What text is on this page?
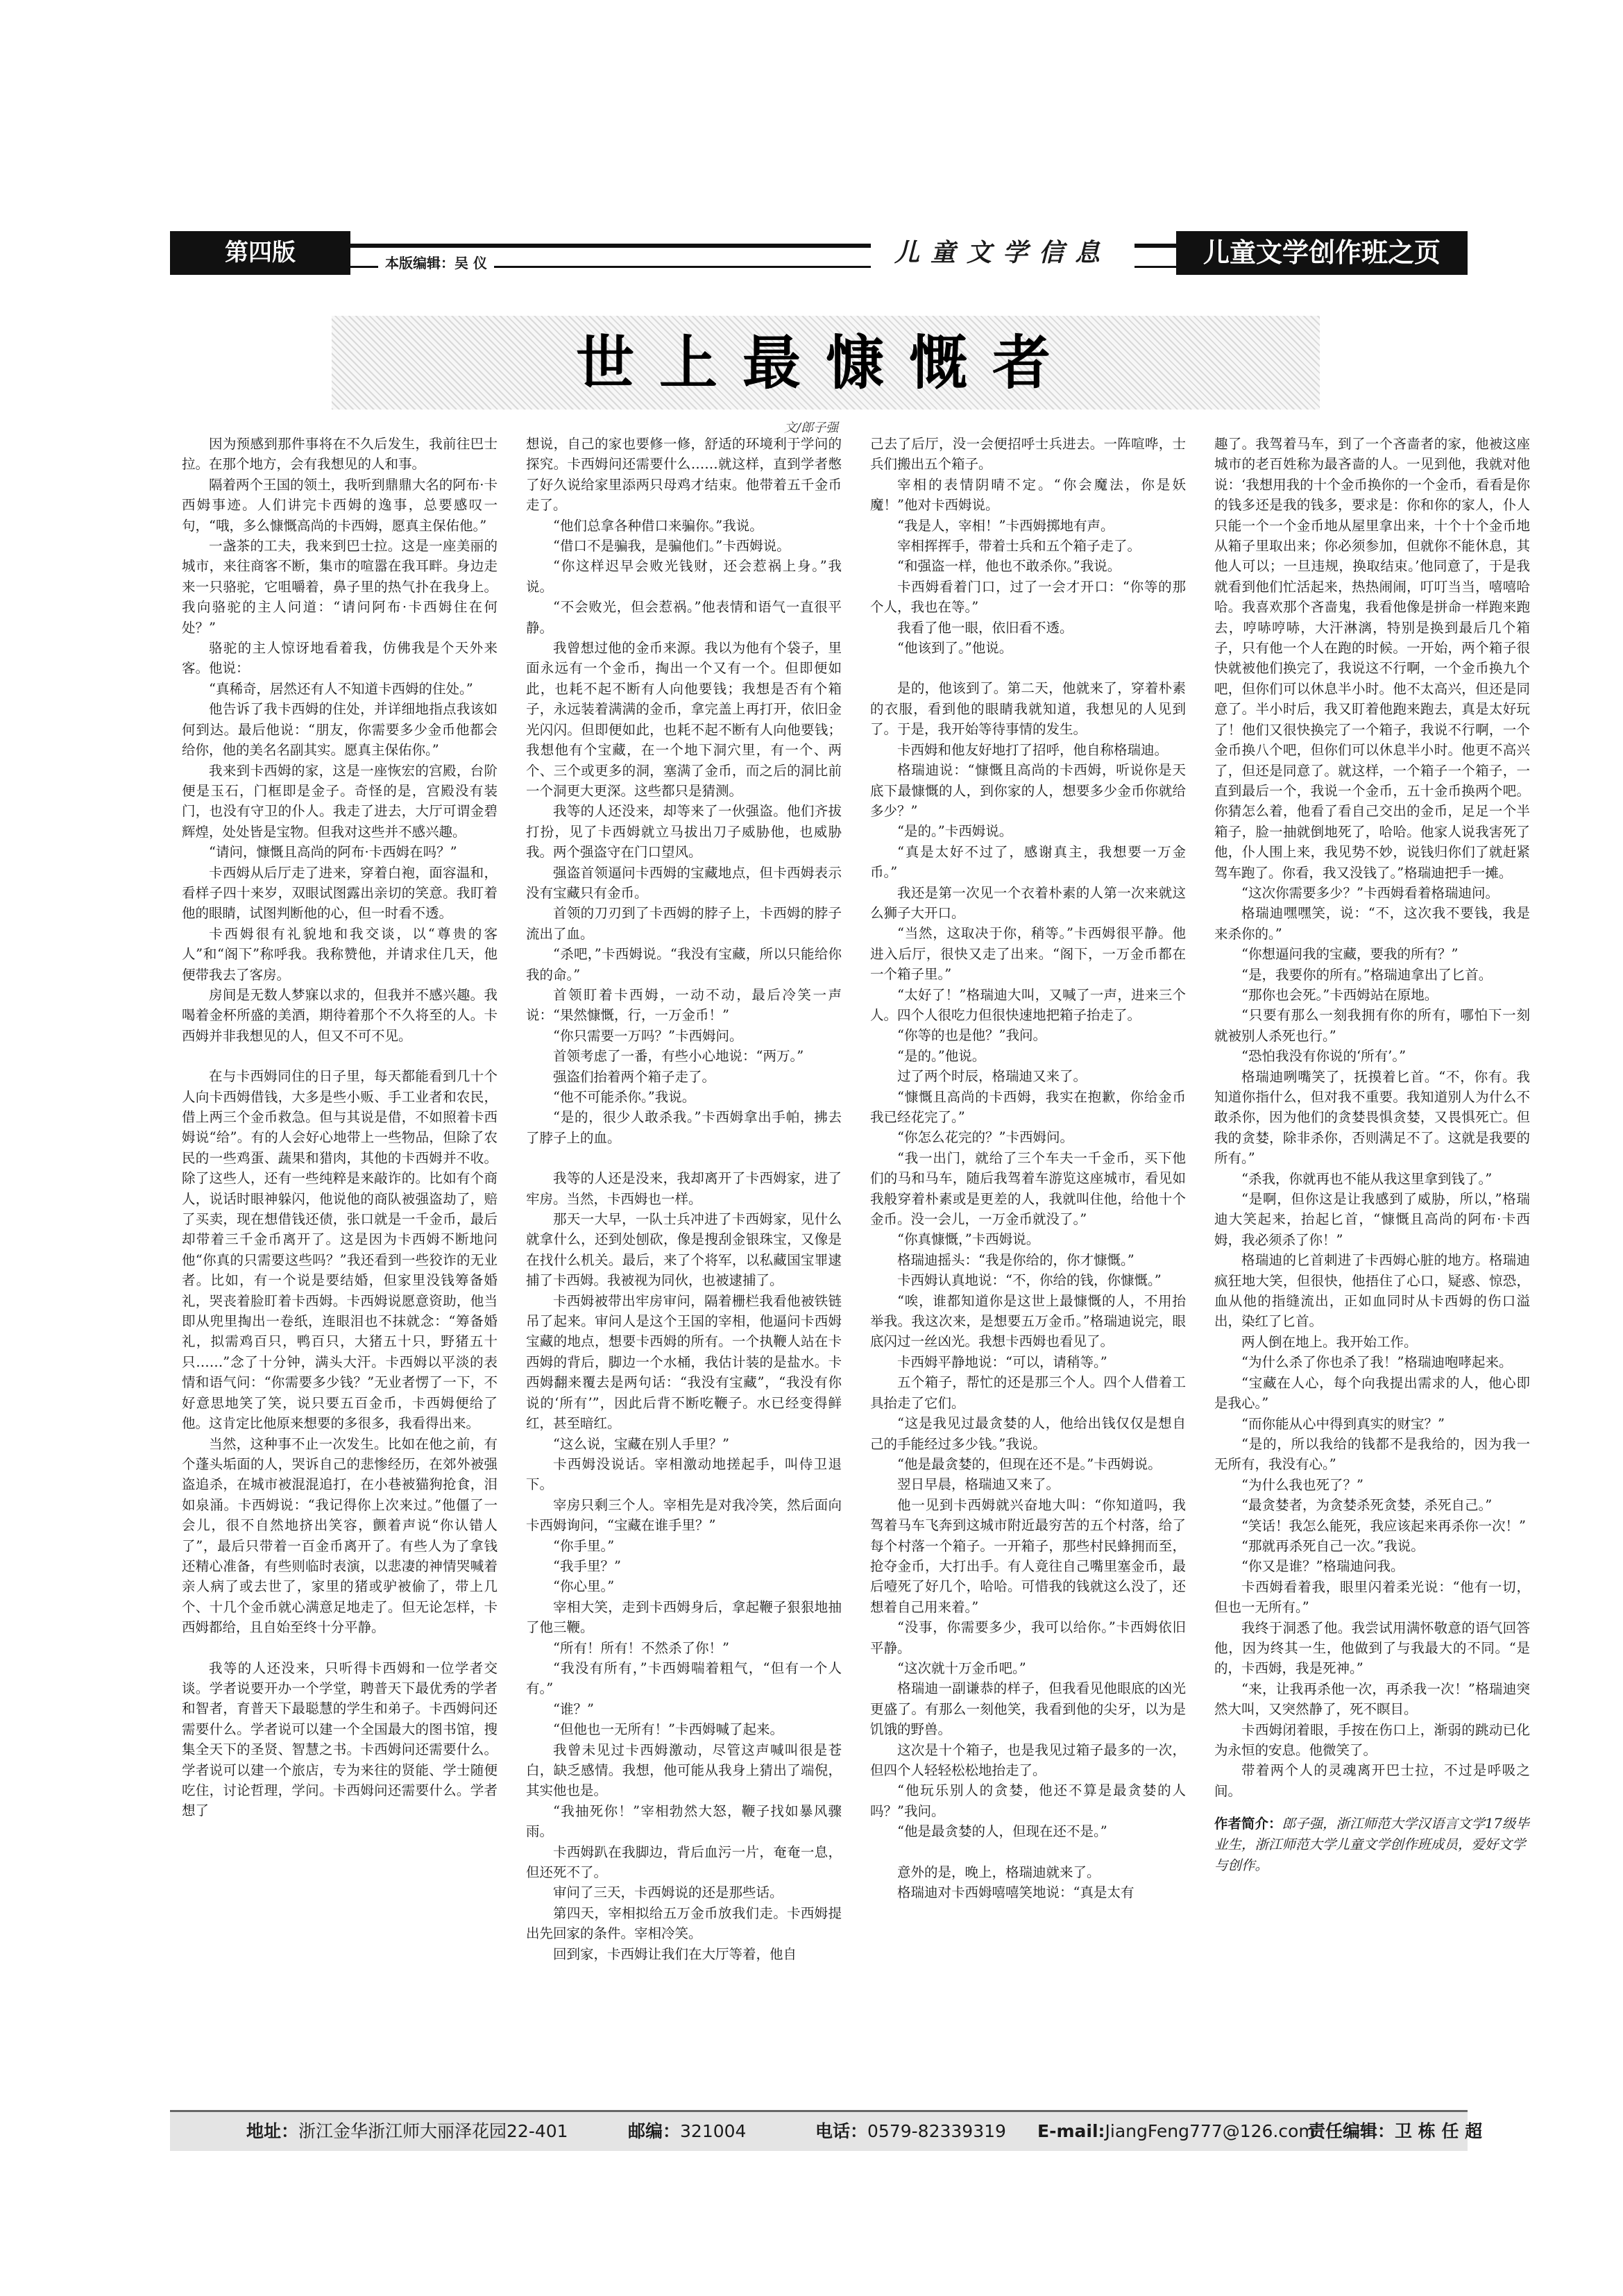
第四版	本版编辑：吴 仪	儿童文学信息	儿童文学创作班之页
世上最慷慨者
文/郎子强

因为预感到那件事将在不久后发生，我前往巴士拉。在那个地方，会有我想见的人和事。

隔着两个王国的领土，我听到鼎鼎大名的阿布·卡西姆事迹。人们讲完卡西姆的逸事，总要感叹一句，“哦，多么慷慨高尚的卡西姆，愿真主保佑他。”

一盏茶的工夫，我来到巴士拉。这是一座美丽的城市，来往商客不断，集市的喧嚣在我耳畔。身边走来一只骆驼，它咀嚼着，鼻子里的热气扑在我身上。我向骆驼的主人问道：“请问阿布·卡西姆住在何处？”

骆驼的主人惊讶地看着我，仿佛我是个天外来客。他说：

“真稀奇，居然还有人不知道卡西姆的住处。”

他告诉了我卡西姆的住处，并详细地指点我该如何到达。最后他说：“朋友，你需要多少金币他都会给你，他的美名名副其实。愿真主保佑你。”

我来到卡西姆的家，这是一座恢宏的宫殿，台阶便是玉石，门框即是金子。奇怪的是，宫殿没有装门，也没有守卫的仆人。我走了进去，大厅可谓金碧辉煌，处处皆是宝物。但我对这些并不感兴趣。

“请问，慷慨且高尚的阿布·卡西姆在吗？”

卡西姆从后厅走了进来，穿着白袍，面容温和，看样子四十来岁，双眼试图露出亲切的笑意。我盯着他的眼睛，试图判断他的心，但一时看不透。

卡西姆很有礼貌地和我交谈，以“尊贵的客人”和“阁下”称呼我。我称赞他，并请求住几天，他便带我去了客房。

房间是无数人梦寐以求的，但我并不感兴趣。我喝着金杯所盛的美酒，期待着那个不久将至的人。卡西姆并非我想见的人，但又不可不见。

在与卡西姆同住的日子里，每天都能看到几十个人向卡西姆借钱，大多是些小贩、手工业者和农民，借上两三个金币救急。但与其说是借，不如照着卡西姆说“给”。有的人会好心地带上一些物品，但除了农民的一些鸡蛋、蔬果和猎肉，其他的卡西姆并不收。除了这些人，还有一些纯粹是来敲诈的。比如有个商人，说话时眼神躲闪，他说他的商队被强盗劫了，赔了买卖，现在想借钱还债，张口就是一千金币，最后却带着三千金币离开了。这是因为卡西姆不断地问他“你真的只需要这些吗？”我还看到一些狡诈的无业者。比如，有一个说是要结婚，但家里没钱筹备婚礼，哭丧着脸盯着卡西姆。卡西姆说愿意资助，他当即从兜里掏出一卷纸，连眼泪也不抹就念：“筹备婚礼，拟需鸡百只，鸭百只，大猪五十只，野猪五十只……”念了十分钟，满头大汗。卡西姆以平淡的表情和语气问：“你需要多少钱？”无业者愣了一下，不好意思地笑了笑，说只要五百金币，卡西姆便给了他。这肯定比他原来想要的多很多，我看得出来。

当然，这种事不止一次发生。比如在他之前，有个蓬头垢面的人，哭诉自己的悲惨经历，在郊外被强盗追杀，在城市被混混追打，在小巷被猫狗抢食，泪如泉涌。卡西姆说：“我记得你上次来过。”他僵了一会儿，很不自然地挤出笑容，颤着声说“你认错人了”，最后只带着一百金币离开了。有些人为了拿钱还精心准备，有些则临时表演，以悲凄的神情哭喊着亲人病了或去世了，家里的猪或驴被偷了，带上几个、十几个金币就心满意足地走了。但无论怎样，卡西姆都给，且自始至终十分平静。

我等的人还没来，只听得卡西姆和一位学者交谈。学者说要开办一个学堂，聘普天下最优秀的学者和智者，育普天下最聪慧的学生和弟子。卡西姆问还需要什么。学者说可以建一个全国最大的图书馆，搜集全天下的圣贤、智慧之书。卡西姆问还需要什么。学者说可以建一个旅店，专为来往的贤能、学士随便吃住，讨论哲理，学问。卡西姆问还需要什么。学者想了

想说，自己的家也要修一修，舒适的环境利于学问的探究。卡西姆问还需要什么……就这样，直到学者憋了好久说给家里添两只母鸡才结束。他带着五千金币走了。

“他们总拿各种借口来骗你。”我说。

“借口不是骗我，是骗他们。”卡西姆说。

“你这样迟早会败光钱财，还会惹祸上身。”我说。

“不会败光，但会惹祸。”他表情和语气一直很平静。

我曾想过他的金币来源。我以为他有个袋子，里面永远有一个金币，掏出一个又有一个。但即便如此，也耗不起不断有人向他要钱；我想是否有个箱子，永远装着满满的金币，拿完盖上再打开，依旧金光闪闪。但即便如此，也耗不起不断有人向他要钱；我想他有个宝藏，在一个地下洞穴里，有一个、两个、三个或更多的洞，塞满了金币，而之后的洞比前一个洞更大更深。这些都只是猜测。

我等的人还没来，却等来了一伙强盗。他们齐拔打扮，见了卡西姆就立马拔出刀子威胁他，也威胁我。两个强盗守在门口望风。

强盗首领逼问卡西姆的宝藏地点，但卡西姆表示没有宝藏只有金币。

首领的刀刃到了卡西姆的脖子上，卡西姆的脖子流出了血。

“杀吧，”卡西姆说。“我没有宝藏，所以只能给你我的命。”

首领盯着卡西姆，一动不动，最后冷笑一声说：“果然慷慨，行，一万金币！”

“你只需要一万吗？”卡西姆问。

首领考虑了一番，有些小心地说：“两万。”

强盗们抬着两个箱子走了。

“他不可能杀你。”我说。

“是的，很少人敢杀我。”卡西姆拿出手帕，拂去了脖子上的血。

我等的人还是没来，我却离开了卡西姆家，进了牢房。当然，卡西姆也一样。

那天一大早，一队士兵冲进了卡西姆家，见什么就拿什么，还到处刨砍，像是搜刮金银珠宝，又像是在找什么机关。最后，来了个将军，以私藏国宝罪逮捕了卡西姆。我被视为同伙，也被逮捕了。

卡西姆被带出牢房审问，隔着栅栏我看他被铁链吊了起来。审问人是这个王国的宰相，他逼问卡西姆宝藏的地点，想要卡西姆的所有。一个执鞭人站在卡西姆的背后，脚边一个水桶，我估计装的是盐水。卡西姆翻来覆去是两句话：“我没有宝藏”，“我没有你说的‘所有’”，因此后背不断吃鞭子。水已经变得鲜红，甚至暗红。

“这么说，宝藏在别人手里？”

卡西姆没说话。宰相激动地搓起手，叫侍卫退下。

宰房只剩三个人。宰相先是对我冷笑，然后面向卡西姆询问，“宝藏在谁手里？”

“你手里。”

“我手里？”

“你心里。”

宰相大笑，走到卡西姆身后，拿起鞭子狠狠地抽了他三鞭。

“所有！所有！不然杀了你！”

“我没有所有，”卡西姆喘着粗气，“但有一个人有。”

“谁？”

“但他也一无所有！”卡西姆喊了起来。

我曾未见过卡西姆激动，尽管这声喊叫很是苍白，缺乏感情。我想，他可能从我身上猜出了端倪，其实他也是。

“我抽死你！”宰相勃然大怒，鞭子找如暴风骤雨。

卡西姆趴在我脚边，背后血污一片，奄奄一息，但还死不了。

审问了三天，卡西姆说的还是那些话。

第四天，宰相拟给五万金币放我们走。卡西姆提出先回家的条件。宰相冷笑。

回到家，卡西姆让我们在大厅等着，他自

己去了后厅，没一会便招呼士兵进去。一阵喧哗，士兵们搬出五个箱子。

宰相的表情阴晴不定。“你会魔法，你是妖魔！”他对卡西姆说。

“我是人，宰相！”卡西姆掷地有声。

宰相挥挥手，带着士兵和五个箱子走了。

“和强盗一样，他也不敢杀你。”我说。

卡西姆看着门口，过了一会才开口：“你等的那个人，我也在等。”

我看了他一眼，依旧看不透。

“他该到了。”他说。

是的，他该到了。第二天，他就来了，穿着朴素的衣服，看到他的眼睛我就知道，我想见的人见到了。于是，我开始等待事情的发生。

卡西姆和他友好地打了招呼，他自称格瑞迪。

格瑞迪说：“慷慨且高尚的卡西姆，听说你是天底下最慷慨的人，到你家的人，想要多少金币你就给多少？”

“是的。”卡西姆说。

“真是太好不过了，感谢真主，我想要一万金币。”

我还是第一次见一个衣着朴素的人第一次来就这么狮子大开口。

“当然，这取决于你，稍等。”卡西姆很平静。他进入后厅，很快又走了出来。“阁下，一万金币都在一个箱子里。”

“太好了！”格瑞迪大叫，又喊了一声，进来三个人。四个人很吃力但很快速地把箱子抬走了。

“你等的也是他？”我问。

“是的。”他说。

过了两个时辰，格瑞迪又来了。

“慷慨且高尚的卡西姆，我实在抱歉，你给金币我已经花完了。”

“你怎么花完的？”卡西姆问。

“我一出门，就给了三个车夫一千金币，买下他们的马和马车，随后我驾着车游览这座城市，看见如我般穿着朴素或是更差的人，我就叫住他，给他十个金币。没一会儿，一万金币就没了。”

“你真慷慨，”卡西姆说。

格瑞迪摇头：“我是你给的，你才慷慨。”

卡西姆认真地说：“不，你给的钱，你慷慨。”

“唉，谁都知道你是这世上最慷慨的人，不用抬举我。我这次来，是想要五万金币。”格瑞迪说完，眼底闪过一丝凶光。我想卡西姆也看见了。

卡西姆平静地说：“可以，请稍等。”

五个箱子，帮忙的还是那三个人。四个人借着工具抬走了它们。

“这是我见过最贪婪的人，他给出钱仅仅是想自己的手能经过多少钱。”我说。

“他是最贪婪的，但现在还不是。”卡西姆说。

翌日早晨，格瑞迪又来了。

他一见到卡西姆就兴奋地大叫：“你知道吗，我驾着马车飞奔到这城市附近最穷苦的五个村落，给了每个村落一个箱子。一开箱子，那些村民蜂拥而至，抢夺金币，大打出手。有人竟往自己嘴里塞金币，最后噎死了好几个，哈哈。可惜我的钱就这么没了，还想着自己用来着。”

“没事，你需要多少，我可以给你。”卡西姆依旧平静。

“这次就十万金币吧。”

格瑞迪一副谦恭的样子，但我看见他眼底的凶光更盛了。有那么一刻他笑，我看到他的尖牙，以为是饥饿的野兽。

这次是十个箱子，也是我见过箱子最多的一次，但四个人轻轻松松地抬走了。

“他玩乐别人的贪婪，他还不算是最贪婪的人吗？”我问。

“他是最贪婪的人，但现在还不是。”

意外的是，晚上，格瑞迪就来了。

格瑞迪对卡西姆嘻嘻笑地说：“真是太有

趣了。我驾着马车，到了一个吝啬者的家，他被这座城市的老百姓称为最吝啬的人。一见到他，我就对他说：‘我想用我的十个金币换你的一个金币，看看是你的钱多还是我的钱多，要求是：你和你的家人，仆人只能一个一个金币地从屋里拿出来，十个十个金币地从箱子里取出来；你必须参加，但就你不能休息，其他人可以；一旦违规，换取结束。’他同意了，于是我就看到他们忙活起来，热热闹闹，叮叮当当，嘻嘻哈哈。我喜欢那个吝啬鬼，我看他像是拼命一样跑来跑去，哼哧哼哧，大汗淋漓，特别是换到最后几个箱子，只有他一个人在跑的时候。一开始，两个箱子很快就被他们换完了，我说这不行啊，一个金币换九个吧，但你们可以休息半小时。他不太高兴，但还是同意了。半小时后，我又盯着他跑来跑去，真是太好玩了！他们又很快换完了一个箱子，我说不行啊，一个金币换八个吧，但你们可以休息半小时。他更不高兴了，但还是同意了。就这样，一个箱子一个箱子，一直到最后一个，我说一个金币，五十金币换两个吧。你猜怎么着，他看了看自己交出的金币，足足一个半箱子，脸一抽就倒地死了，哈哈。他家人说我害死了他，仆人围上来，我见势不妙，说钱归你们了就赶紧驾车跑了。你看，我又没钱了。”格瑞迪把手一摊。

“这次你需要多少？”卡西姆看着格瑞迪问。

格瑞迪嘿嘿笑，说：“不，这次我不要钱，我是来杀你的。”

“你想逼问我的宝藏，要我的所有？”

“是，我要你的所有。”格瑞迪拿出了匕首。

“那你也会死。”卡西姆站在原地。

“只要有那么一刻我拥有你的所有，哪怕下一刻就被别人杀死也行。”

“恐怕我没有你说的‘所有’。”

格瑞迪咧嘴笑了，抚摸着匕首。“不，你有。我知道你指什么，但对我不重要。我知道别人为什么不敢杀你，因为他们的贪婪畏惧贪婪，又畏惧死亡。但我的贪婪，除非杀你，否则满足不了。这就是我要的所有。”

“杀我，你就再也不能从我这里拿到钱了。”

“是啊，但你这是让我感到了威胁，所以，”格瑞迪大笑起来，抬起匕首，“慷慨且高尚的阿布·卡西姆，我必须杀了你！”

格瑞迪的匕首刺进了卡西姆心脏的地方。格瑞迪疯狂地大笑，但很快，他捂住了心口，疑惑、惊恐，血从他的指缝流出，正如血同时从卡西姆的伤口溢出，染红了匕首。

两人倒在地上。我开始工作。

“为什么杀了你也杀了我！”格瑞迪咆哮起来。

“宝藏在人心，每个向我提出需求的人，他心即是我心。”

“而你能从心中得到真实的财宝？”

“是的，所以我给的钱都不是我给的，因为我一无所有，我没有心。”

“为什么我也死了？”

“最贪婪者，为贪婪杀死贪婪，杀死自己。”

“笑话！我怎么能死，我应该起来再杀你一次！”

“那就再杀死自己一次。”我说。

“你又是谁？”格瑞迪问我。

卡西姆看着我，眼里闪着柔光说：“他有一切，但也一无所有。”

我终于洞悉了他。我尝试用满怀敬意的语气回答他，因为终其一生，他做到了与我最大的不同。“是的，卡西姆，我是死神。”

“来，让我再杀他一次，再杀我一次！”格瑞迪突然大叫，又突然静了，死不瞑目。

卡西姆闭着眼，手按在伤口上，渐弱的跳动已化为永恒的安息。他微笑了。

带着两个人的灵魂离开巴士拉，不过是呼吸之间。

作者简介：郎子强，浙江师范大学汉语言文学17级毕业生，浙江师范大学儿童文学创作班成员，爱好文学与创作。
地址：浙江金华浙江师大丽泽花园22-401	邮编：321004	电话：0579-82339319 E-mail:JiangFeng777@126.com
责任编辑：卫 栋 任 超
